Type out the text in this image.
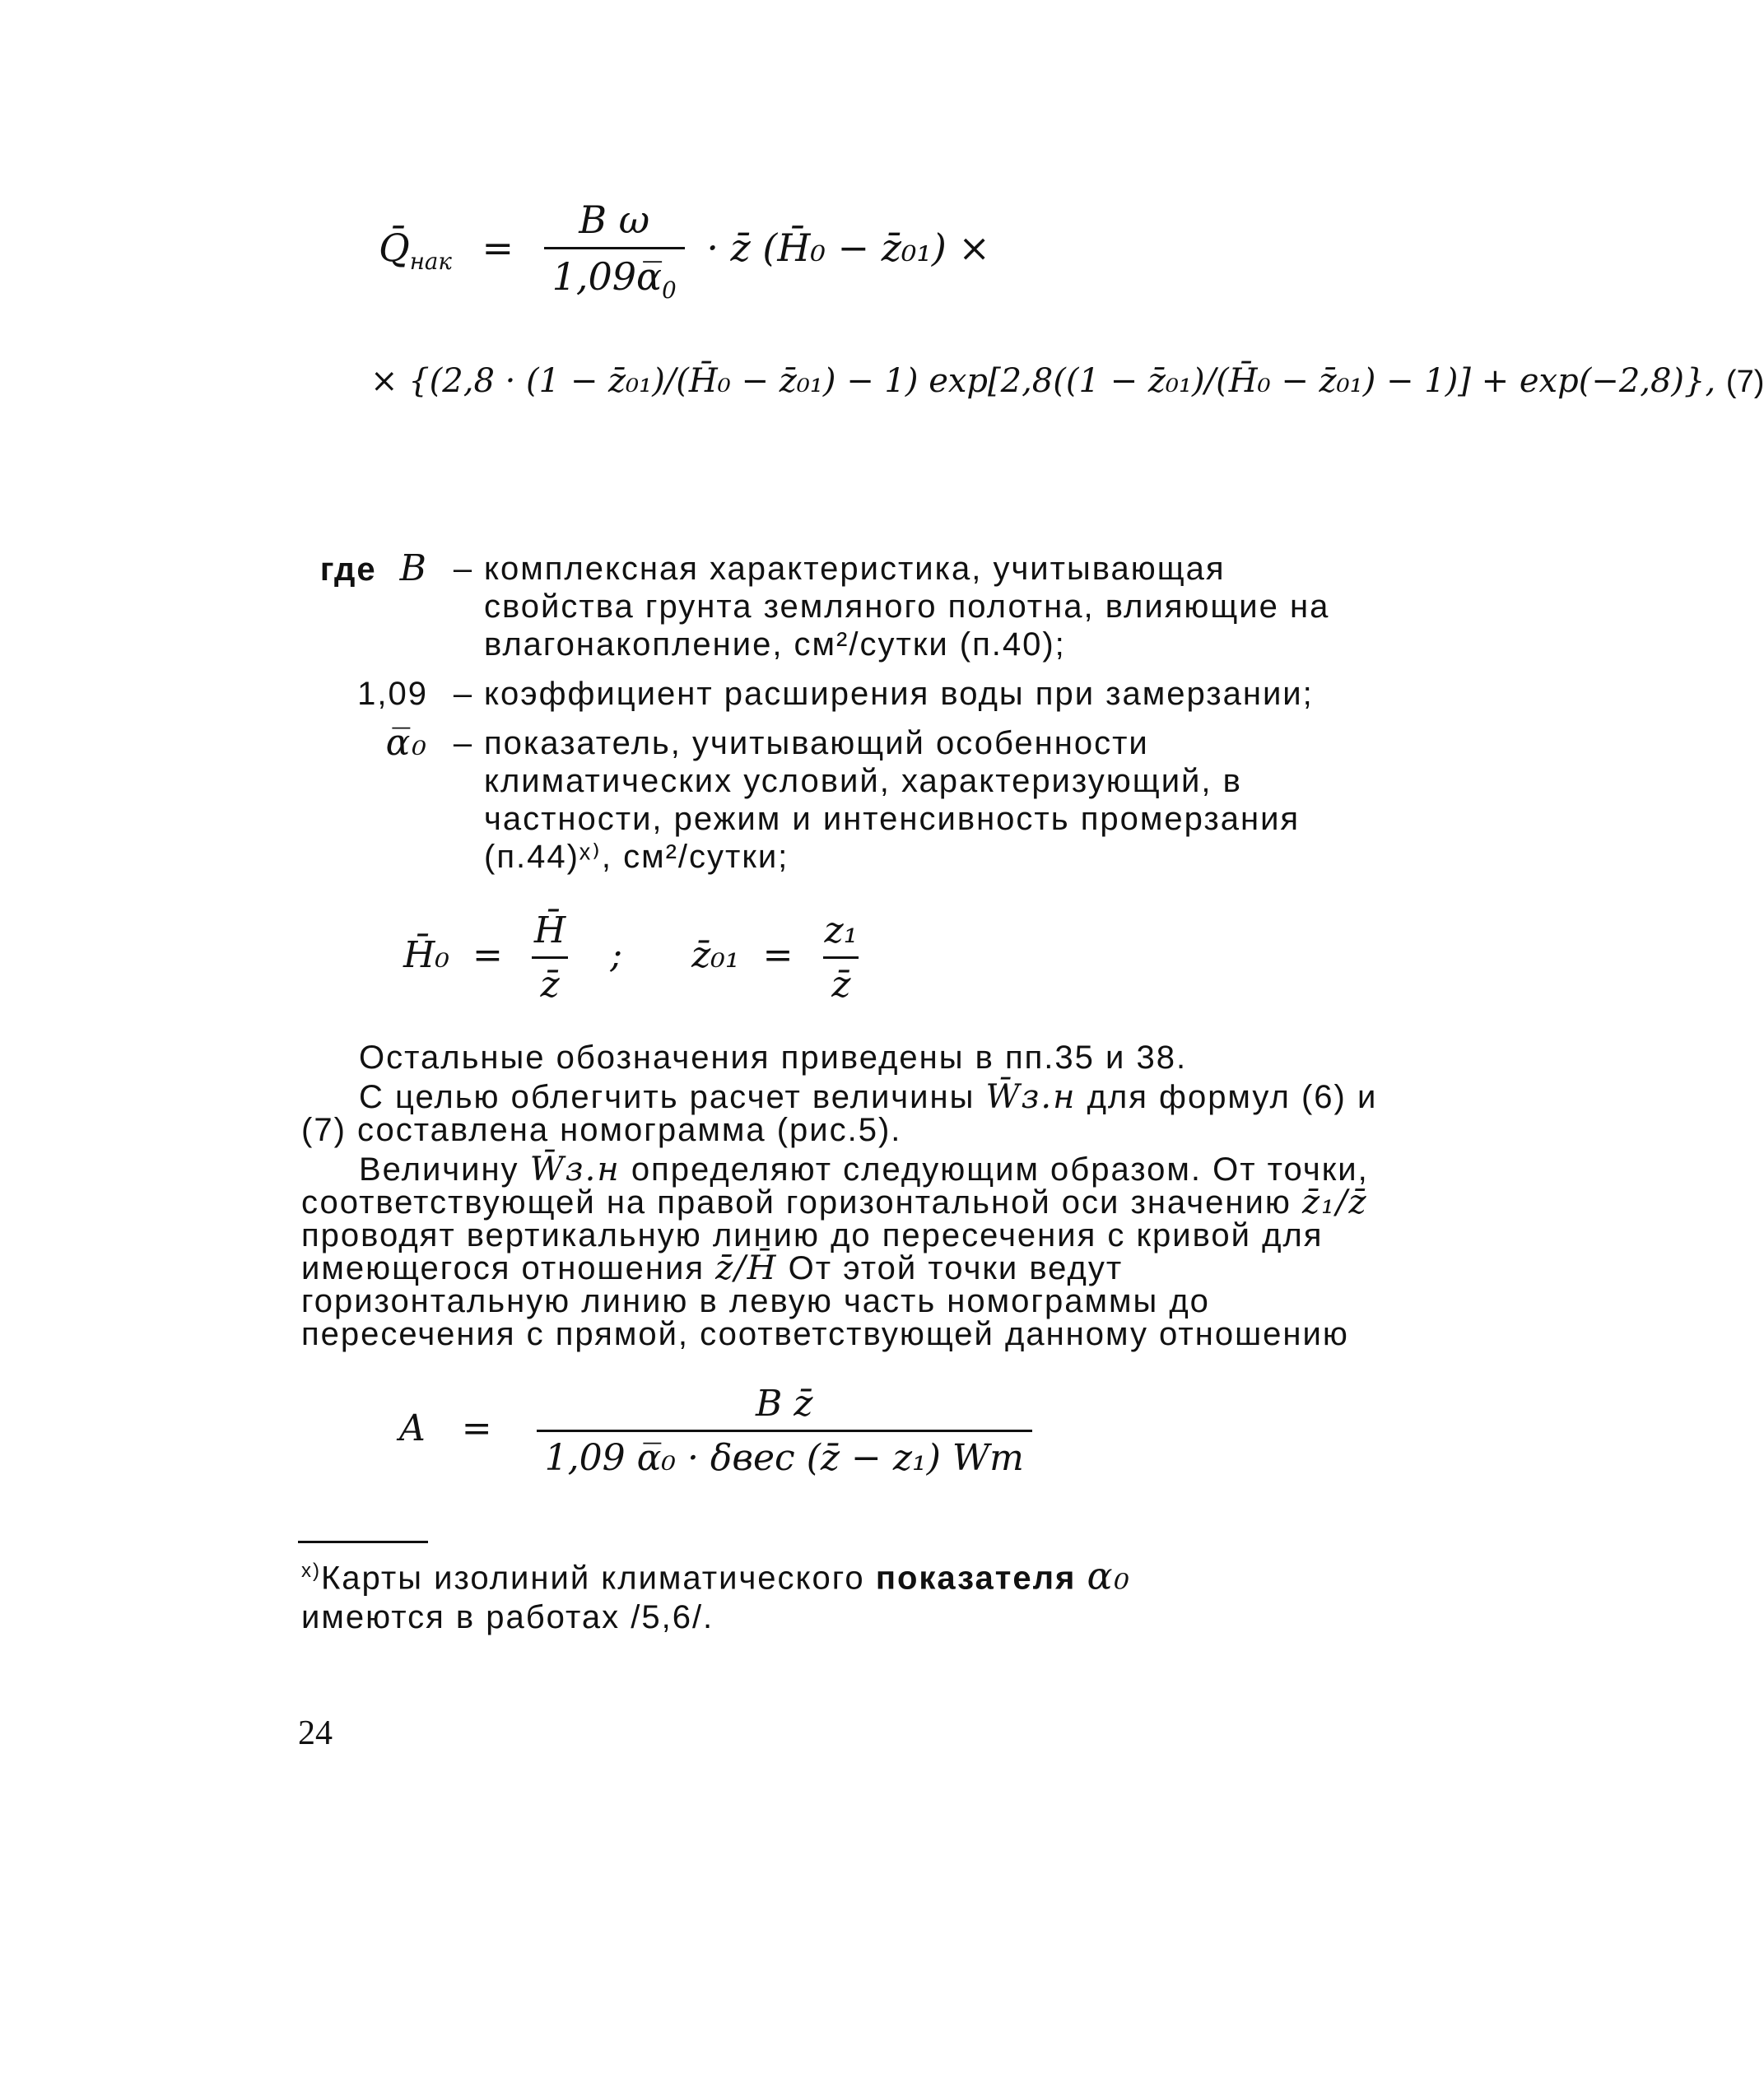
$Q̄_{нак} = \frac{\text{B ω}}{1,09\alpha̅_0}$ · z̄ (H̄₀ − z̄₀₁) ×
× {(2,8 · (1 − z̄₀₁)/(H̄₀ − z̄₀₁) − 1) exp[2,8((1 − z̄₀₁)/(H̄₀ − z̄₀₁) − 1)] + exp(−2,8)}, (7)
где B – комплексная характеристика, учитывающая свойства грунта земляного полотна, влияющие на влагонакопление, см²/сутки (п.40);
1,09 – коэффициент расширения воды при замерзании;
α̅₀ – показатель, учитывающий особенности климатических условий, характеризующий, в частности, режим и интенсивность промерзания (п.44)ˣ⁾, см²/сутки;
H̄₀ = $\frac{H̄}{z̄}$ ; z̄₀₁ = $\frac{\text{z₁}}{z̄}$

Остальные обозначения приведены в пп.35 и 38.

С целью облегчить расчет величины W̄з.н для формул (6) и (7) составлена номограмма (рис.5).

Величину W̄з.н определяют следующим образом. От точки, соответствующей на правой горизонтальной оси значению z̄₁/z̄ проводят вертикальную линию до пересечения с кривой для имеющегося отношения z̄/H̄ От этой точки ведут горизонтальную линию в левую часть номограммы до пересечения с прямой, соответствующей данному отношению

$A = \frac{\text{B z̄}}{\text{1,09 α̅₀ · δвес (z̄ − z₁) Wт}}$
$^{х)}$Карты изолиний климатического показателя α₀
имеются в работах /5,6/.
24
